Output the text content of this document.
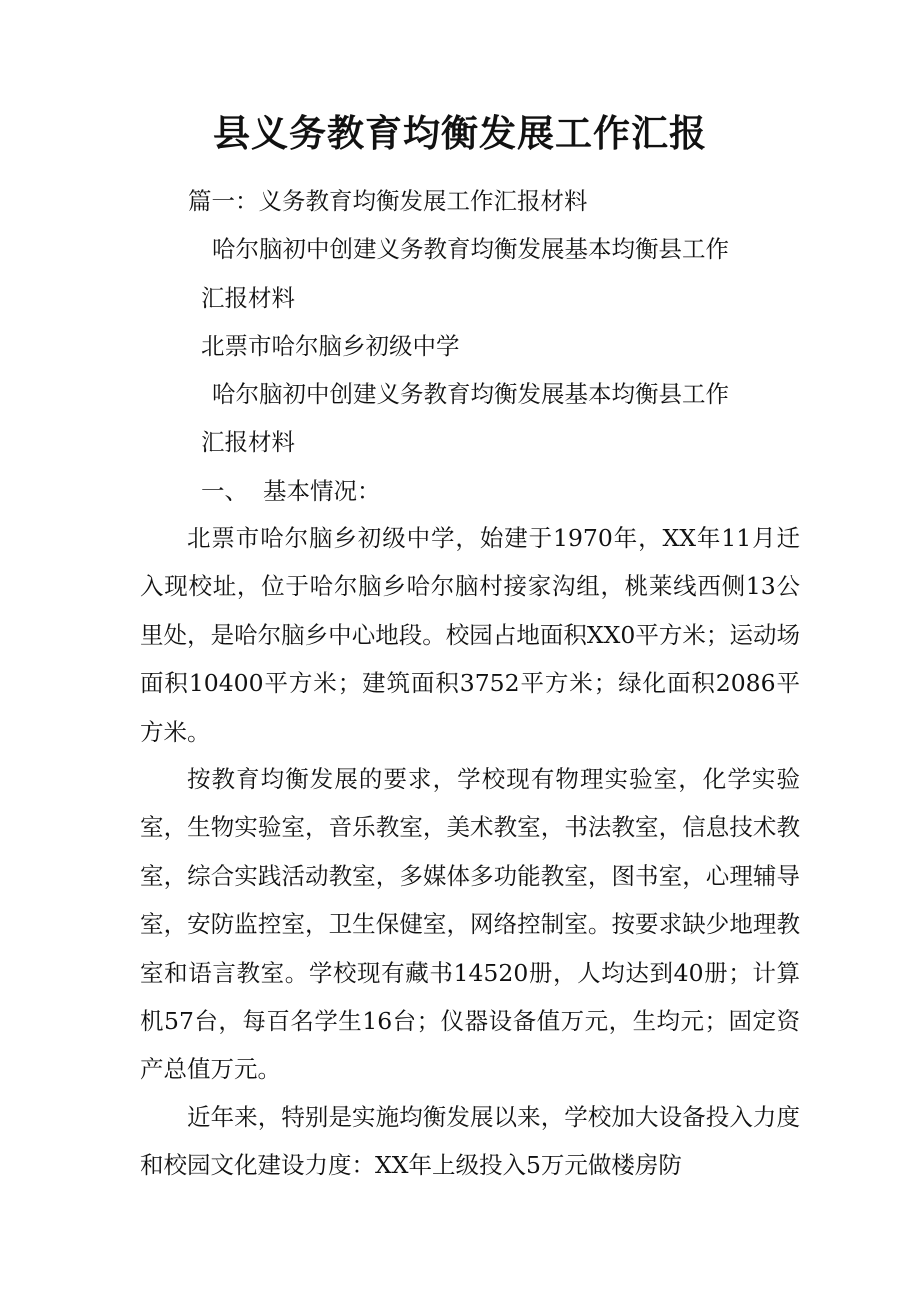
县义务教育均衡发展工作汇报
篇一：义务教育均衡发展工作汇报材料
哈尔脑初中创建义务教育均衡发展基本均衡县工作
汇报材料
北票市哈尔脑乡初级中学
哈尔脑初中创建义务教育均衡发展基本均衡县工作
汇报材料
一、 基本情况：
北票市哈尔脑乡初级中学，始建于1970年，XX年11月迁入现校址，位于哈尔脑乡哈尔脑村接家沟组，桃莱线西侧13公里处，是哈尔脑乡中心地段。校园占地面积XX0平方米；运动场面积10400平方米；建筑面积3752平方米；绿化面积2086平方米。
按教育均衡发展的要求，学校现有物理实验室，化学实验室，生物实验室，音乐教室，美术教室，书法教室，信息技术教室，综合实践活动教室，多媒体多功能教室，图书室，心理辅导室，安防监控室，卫生保健室，网络控制室。按要求缺少地理教室和语言教室。学校现有藏书14520册，人均达到40册；计算机57台，每百名学生16台；仪器设备值万元，生均元；固定资产总值万元。
近年来，特别是实施均衡发展以来，学校加大设备投入力度和校园文化建设力度：XX年上级投入5万元做楼房防
